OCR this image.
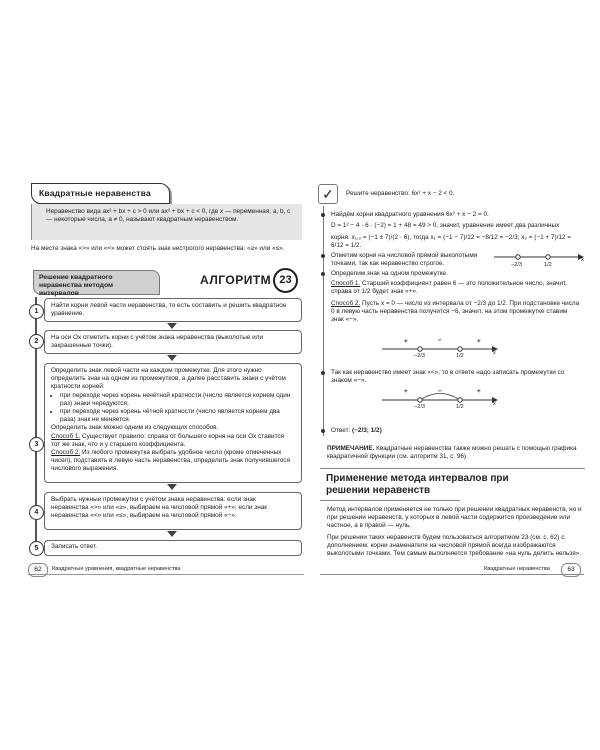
Квадратные неравенства
Неравенство вида ax² + bx + c > 0 или ax² + bx + c < 0, где x — переменная, a, b, c — некоторые числа, a ≠ 0, называют квадратным неравенством.
На месте знака «>» или «<» может стоять знак нестрогого неравенства: «≥» или «≤».
Решение квадратного неравенства методом интервалов
АЛГОРИТМ 23
1
Найти корни левой части неравенства, то есть составить и решить квадратное уравнение.
2
На оси Ox отметить корни с учётом знака неравенства (выколотые или закрашенные точки).
3
Определить знак левой части на каждом промежутке. Для этого нужно определить знак на одном из промежутков, а далее расставить знаки с учётом кратности корней:
• при переходе через корень нечётной кратности (число является корнем один раз) знаки чередуются;
• при переходе через корень чётной кратности (число является корнем два раза) знак не меняется.
Определить знак можно одним из следующих способов.
Способ 1. Существует правило: справа от большего корня на оси Ox ставится тот же знак, что и у старшего коэффициента.
Способ 2. Из любого промежутка выбрать удобное число (кроме отмеченных чисел), подставить в левую часть неравенства, определить знак получившегося числового выражения.
4
Выбрать нужные промежутки с учётом знака неравенства: если знак неравенства «>» или «≥», выбираем на числовой прямой «+»; если знак неравенства «<» или «≤», выбираем на числовой прямой «−».
5	Записать ответ.
62	Квадратные уравнения, квадратные неравенства
✓	Решите неравенство: 6x² + x − 2 < 0.
Найдём корни квадратного уравнения 6x² + x − 2 = 0.
D = 1² − 4 · 6 · (−2) = 1 + 48 = 49 > 0, значит, уравнение имеет два различных
корня: x₁,₂ = (−1 ± 7)/(2 · 6), тогда x₁ = (−1 − 7)/12 = −8/12 = −2/3; x₂ = (−1 + 7)/12 = 6/12 = 1/2.
Отметим корни на числовой прямой выколотыми точками, так как неравенство строгое.
x
−2/3	1/2
Определим знак на одном промежутке.
Способ 1. Старший коэффициент равен 6 — это положительное число, значит, справа от 1/2 будет знак «+».
Способ 2. Пусть x = 0 — число из интервала от −2/3 до 1/2. При подстановке числа 0 в левую часть неравенства получится −6, значит, на этом промежутке ставим знак «−».
+	−	+
x
−2/3	1/2
Так как неравенство имеет знак «<», то в ответе надо записать промежутки со знаком «−».
+	−	+
x
−2/3	1/2
Ответ: (−2/3; 1/2)
ПРИМЕЧАНИЕ. Квадратные неравенства также можно решать с помощью графика квадратичной функции (см. алгоритм 31, с. 96).
Применение метода интервалов при решении неравенств
Метод интервалов применяется не только при решении квадратных неравенств, но и при решении неравенств, у которых в левой части содержится произведение или частное, а в правой — нуль.
При решении таких неравенств будем пользоваться алгоритмом 23 (см. с. 62) с дополнением: корни знаменателя на числовой прямой всегда изображаются выколотыми точками. Тем самым выполняется требование «на нуль делить нельзя».
Квадратные неравенства	63
